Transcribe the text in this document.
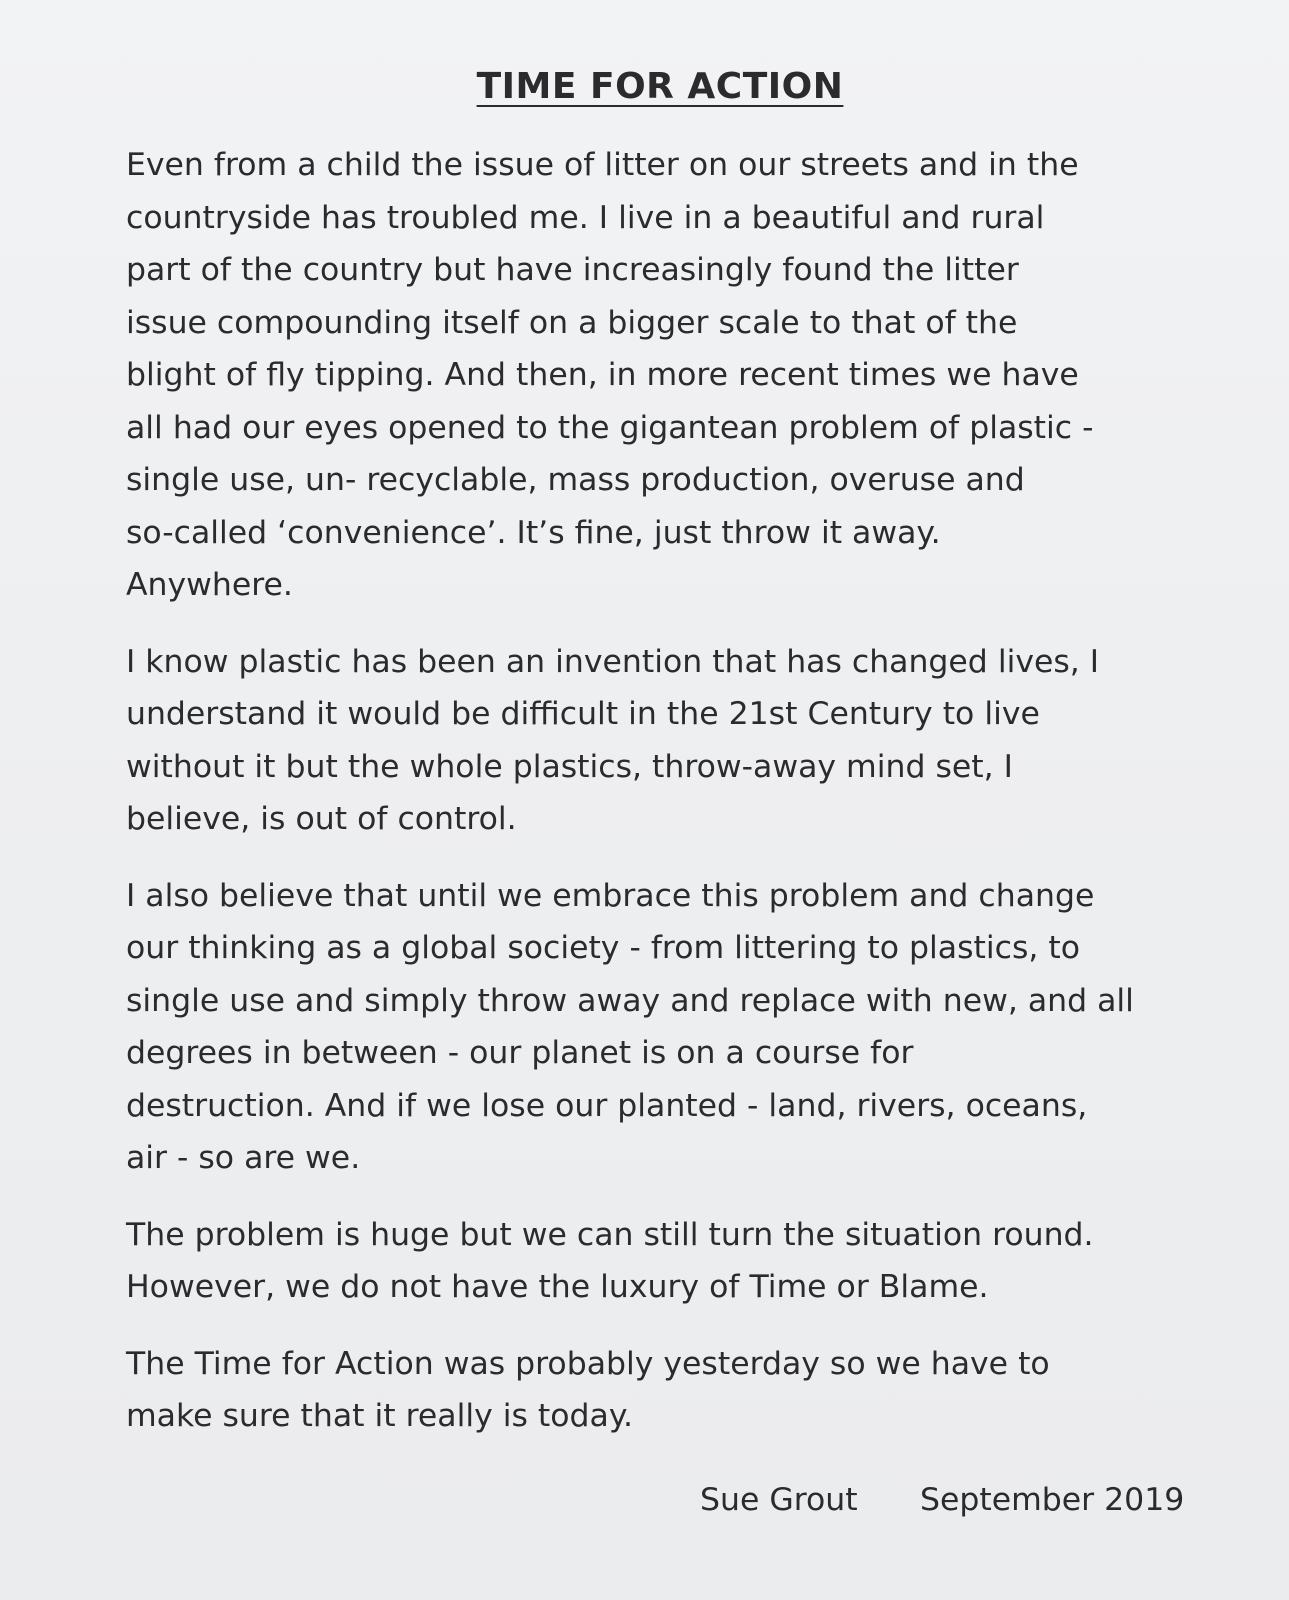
TIME FOR ACTION

Even from a child the issue of litter on our streets and in the
countryside has troubled me. I live in a beautiful and rural
part of the country but have increasingly found the litter
issue compounding itself on a bigger scale to that of the
blight of fly tipping. And then, in more recent times we have
all had our eyes opened to the gigantean problem of plastic -
single use, un- recyclable, mass production, overuse and
so-called ‘convenience’. It’s fine, just throw it away.
Anywhere.

I know plastic has been an invention that has changed lives, I
understand it would be difficult in the 21st Century to live
without it but the whole plastics, throw-away mind set, I
believe, is out of control.

I also believe that until we embrace this problem and change
our thinking as a global society - from littering to plastics, to
single use and simply throw away and replace with new, and all
degrees in between - our planet is on a course for
destruction. And if we lose our planted - land, rivers, oceans,
air - so are we.

The problem is huge but we can still turn the situation round.
However, we do not have the luxury of Time or Blame.

The Time for Action was probably yesterday so we have to
make sure that it really is today.

Sue Grout September 2019
